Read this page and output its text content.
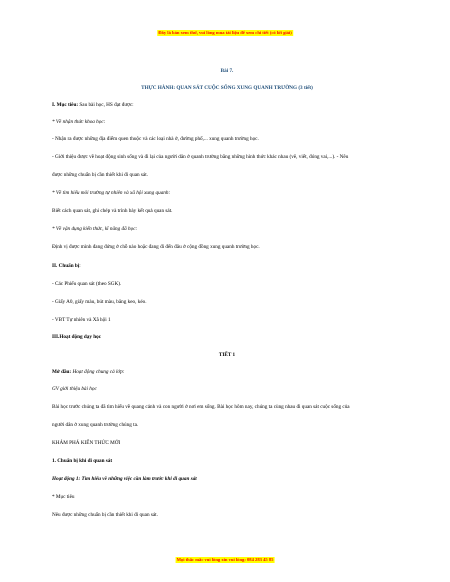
Đây là bản xem thử, vui lòng mua tài liệu để xem chi tiết (có lời giải)
Bài 7.
THỰC HÀNH: QUAN SÁT CUỘC SỐNG XUNG QUANH TRƯỜNG (3 tiết)
I. Mục tiêu: Sau bài học, HS đạt được:
* Về nhận thức khoa học:
- Nhận ra được những địa điểm quen thuộc và các loại nhà ở, đường phố,... xung quanh trường học.
- Giới thiệu được về hoạt động sinh sống và đi lại của người dân ở quanh trường bằng những hình thức khác nhau (vẽ, viết, đóng vai,...). - Nêu
được những chuẩn bị cần thiết khi đi quan sát.
* Về tìm hiểu môi trường tự nhiên và xã hội xung quanh:
Biết cách quan sát, ghi chép và trình bày kết quả quan sát.
* Về vận dụng kiến thức, kĩ năng đã học:
Định vị được mình đang đứng ở chỗ nào hoặc đang đi đến đâu ở cộng đồng xung quanh trường học.
II. Chuẩn bị:
- Các Phiếu quan sát (theo SGK).
- Giấy A0, giấy màu, bút màu, băng keo, kéo.
- VBT Tự nhiên và Xã hội 1
III.Hoạt động dạy học
TIẾT 1
Mở đầu: Hoạt động chung cả lớp:
GV giới thiệu bài học
Bài học trước chúng ta đã tìm hiểu về quang cảnh và con người ở nơi em sống. Bài học hôm nay, chúng ta cùng nhau đi quan sát cuộc sống của
người dân ở xung quanh trường chúng ta.
KHÁM PHÁ KIẾN THỨC MỚI
1. Chuẩn bị khi đi quan sát
Hoạt động 1: Tìm hiểu về những việc cần làm trước khi đi quan sát
* Mục tiêu
Nêu được những chuẩn bị cần thiết khi đi quan sát.
Mọi thắc mắc vui lòng xin vui lòng: 084 283 45 85
